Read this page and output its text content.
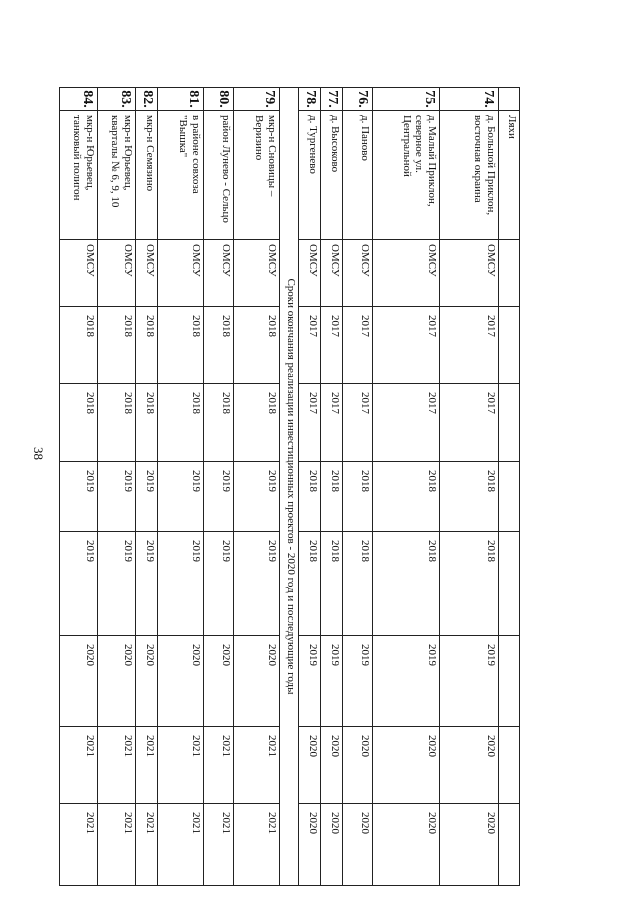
38
	Ляхи								
74.	д. Большой Приклон, восточная окраина	ОМСУ	2017	2017	2018	2018	2019	2020	2020
75.	д. Малый Приклон, северное ул. Центральной	ОМСУ	2017	2017	2018	2018	2019	2020	2020
76.	д. Паново	ОМСУ	2017	2017	2018	2018	2019	2020	2020
77.	д. Высоково	ОМСУ	2017	2017	2018	2018	2019	2020	2020
78.	д. Тургенево	ОМСУ	2017	2017	2018	2018	2019	2020	2020
Сроки окончания реализации инвестиционных проектов - 2020 год и последующие годы									
79.	мкр-н Сновицы – Веризино	ОМСУ	2018	2018	2019	2019	2020	2021	2021
80.	район Лунево - Сельцо	ОМСУ	2018	2018	2019	2019	2020	2021	2021
81.	в районе совхоза "Вышка"	ОМСУ	2018	2018	2019	2019	2020	2021	2021
82.	мкр-н Семязино	ОМСУ	2018	2018	2019	2019	2020	2021	2021
83.	мкр-н Юрьевец, кварталы № 6, 9, 10	ОМСУ	2018	2018	2019	2019	2020	2021	2021
84.	мкр-н Юрьевец, танковый полигон	ОМСУ	2018	2018	2019	2019	2020	2021	2021
